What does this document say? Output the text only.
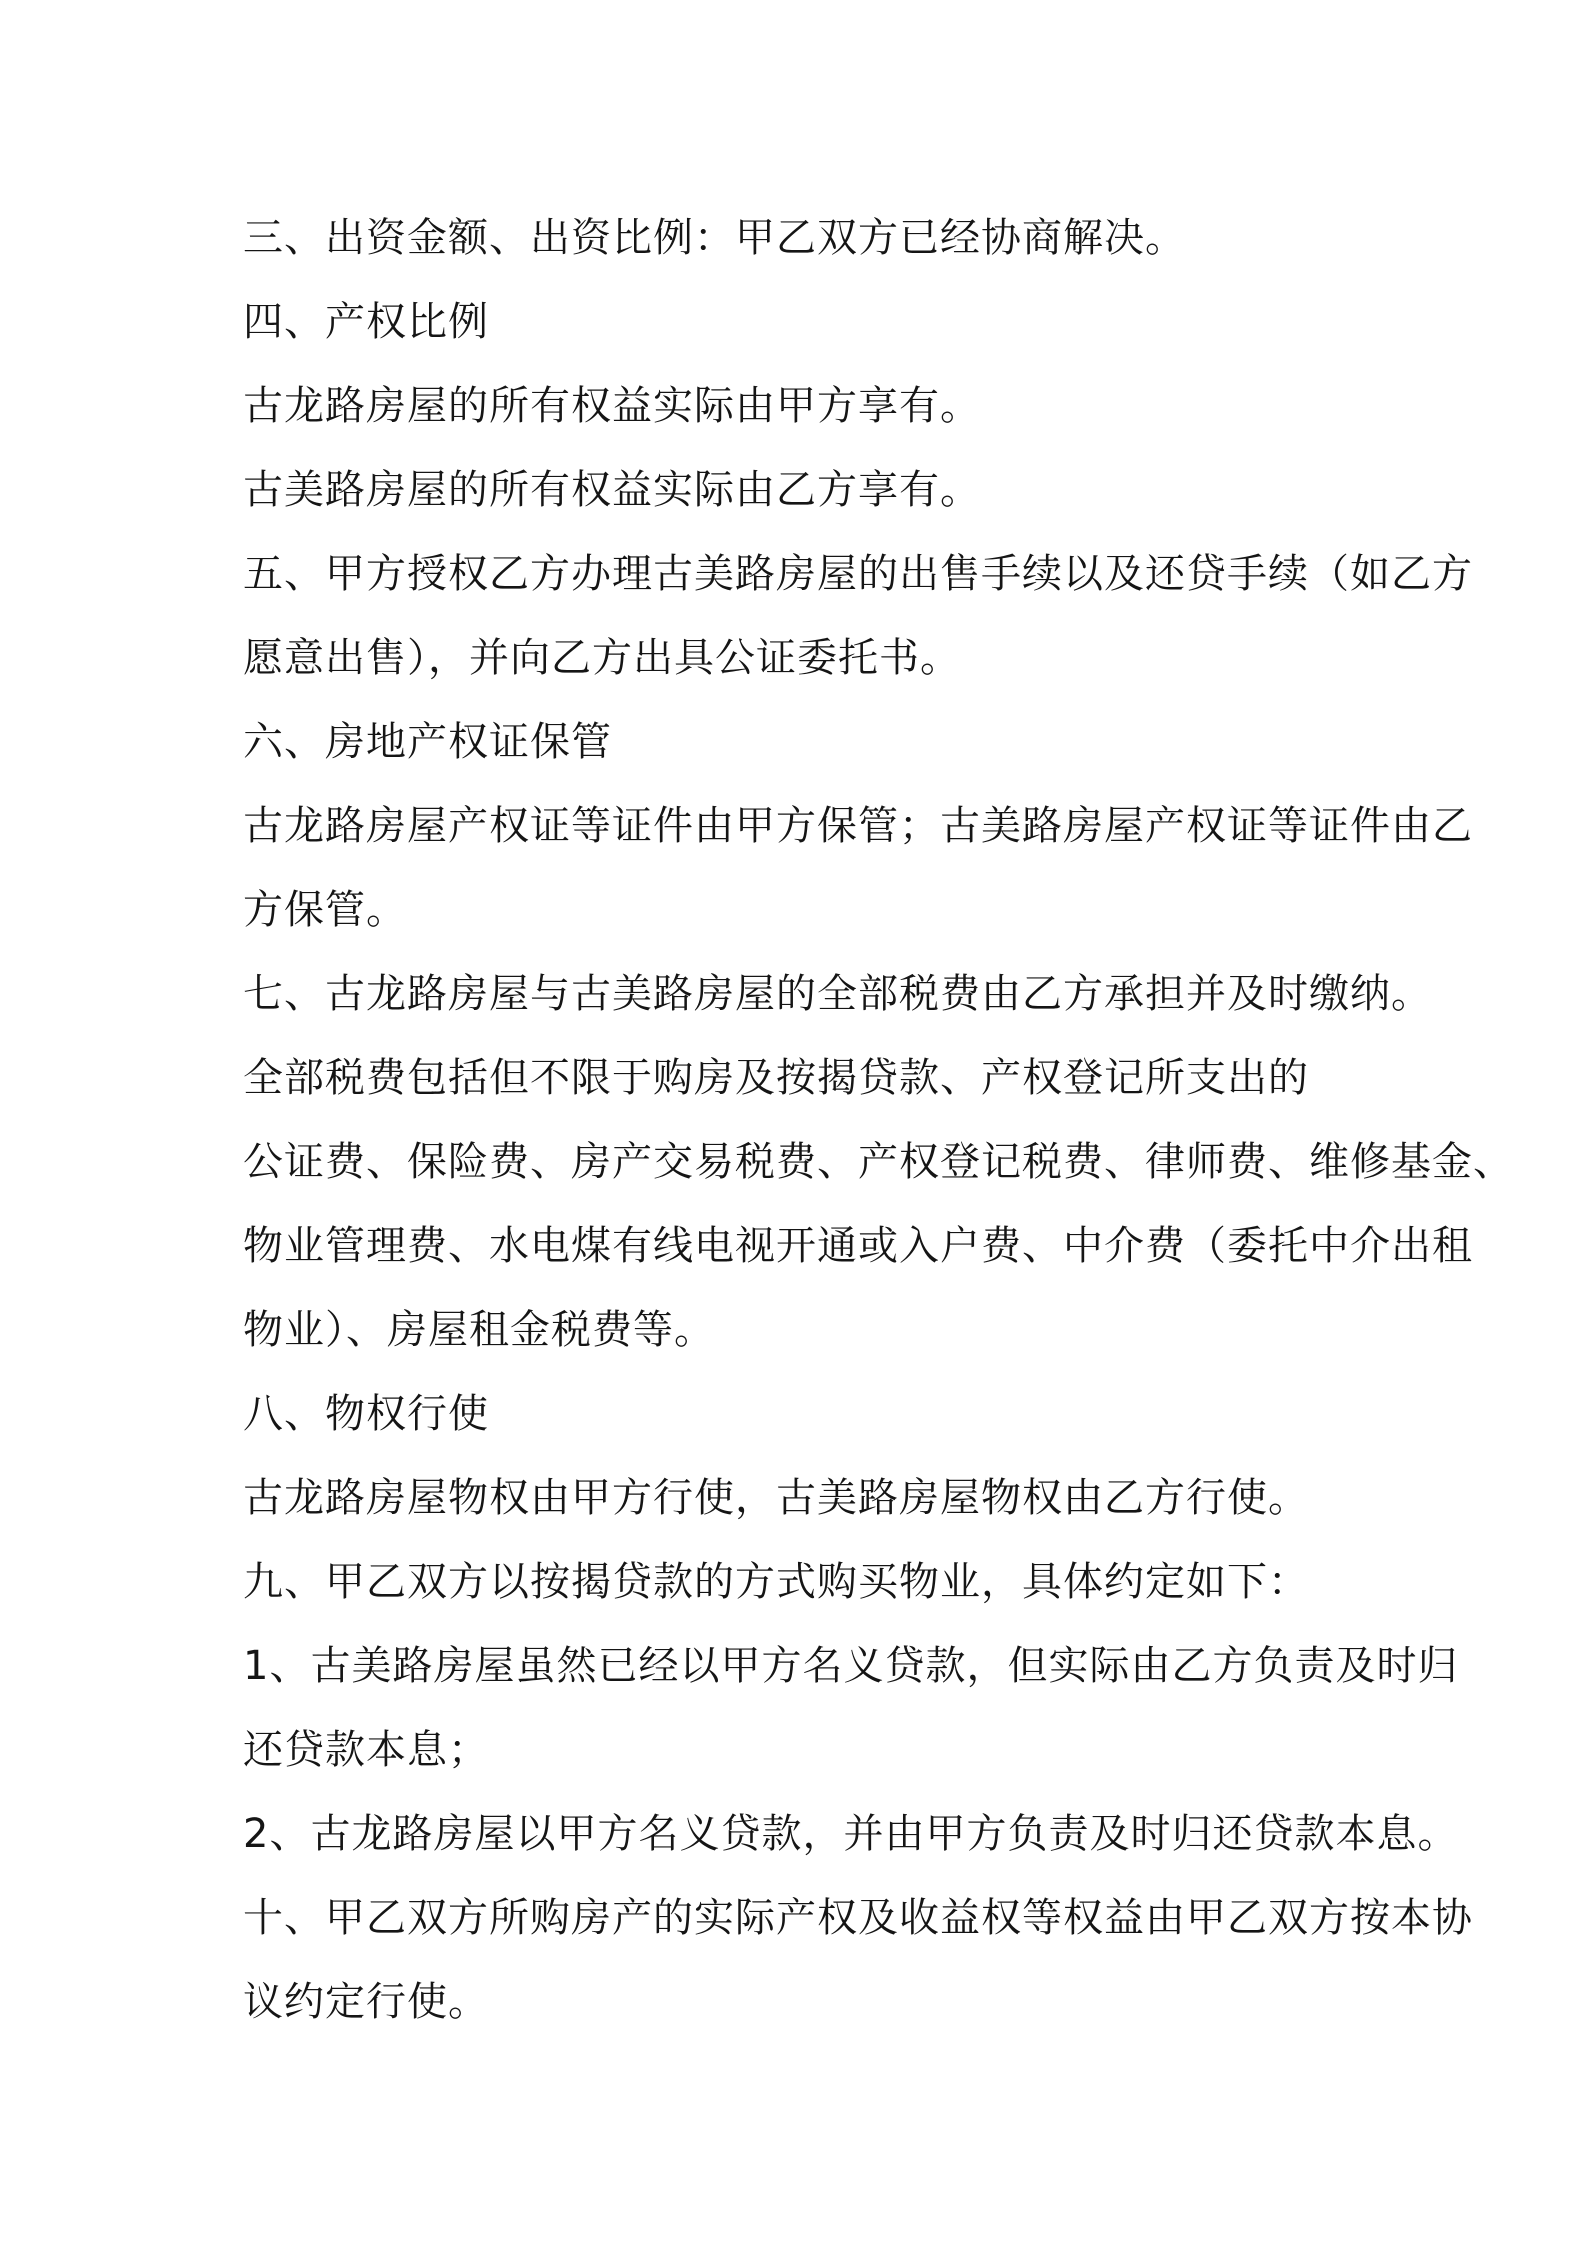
三、出资金额、出资比例：甲乙双方已经协商解决。

四、产权比例

古龙路房屋的所有权益实际由甲方享有。

古美路房屋的所有权益实际由乙方享有。

五、甲方授权乙方办理古美路房屋的出售手续以及还贷手续（如乙方

愿意出售），并向乙方出具公证委托书。

六、房地产权证保管

古龙路房屋产权证等证件由甲方保管；古美路房屋产权证等证件由乙

方保管。

七、古龙路房屋与古美路房屋的全部税费由乙方承担并及时缴纳。

全部税费包括但不限于购房及按揭贷款、产权登记所支出的

公证费、保险费、房产交易税费、产权登记税费、律师费、维修基金、

物业管理费、水电煤有线电视开通或入户费、中介费（委托中介出租

物业）、房屋租金税费等。

八、物权行使

古龙路房屋物权由甲方行使，古美路房屋物权由乙方行使。

九、甲乙双方以按揭贷款的方式购买物业，具体约定如下：

1、古美路房屋虽然已经以甲方名义贷款，但实际由乙方负责及时归

还贷款本息；

2、古龙路房屋以甲方名义贷款，并由甲方负责及时归还贷款本息。

十、甲乙双方所购房产的实际产权及收益权等权益由甲乙双方按本协

议约定行使。
